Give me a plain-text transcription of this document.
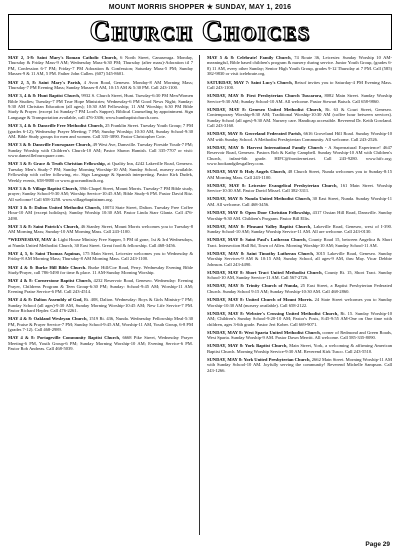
MOUNT MORRIS SHOPPER ★ SUNDAY, MAY 1, 2016
Church Choices

MAY 2, 3-8: Saint Mary's Roman Catholic Church, 6 North Street, Canaseraga. Monday, Thursday & Friday Mass-9 AM; Wednesday Mass-6:30 PM; Thursday (after mass)-Adoration til 7 PM, Confession 6-7 PM; Friday-7 PM Adoration & Confession; Saturday Mass-5 PM; Sunday Masses-9 & 11 AM, 5 PM. Father John Cullen. (607) 545-8601.

MAY 2, 5, 8: Saint Mary's Parish, 4 Avon Road, Geneseo. Monday-8 AM Morning Mass; Thursday-7 PM Evening Mass; Sunday Masses-8 AM, 10:15 AM & 5:30 PM. Call 243-1100.

MAY 3, 4 & 8: Hunt Baptist Church, 9932 S. Church Street, Hunt. Tuesday-6:30 PM Men/Women Bible Studies; Tuesday-7 PM True Hope Ministries; Wednesday-6 PM Good News Night; Sunday: 9:30 AM Christian Education (all ages); 10:30 AM Fellowship; 11 AM Worship; 6:30 PM Bible Study & Prayer. (except 1st Sunday-7 PM Lord's Supper). Biblical Counseling by appointment. Sign Language & Transportation available, call 476-3306; www.huntbaptistchurch.com.

MAY 3, 4 & 8: Dansville Free Methodist Church, 25 Franklin Street. Tuesday Youth Group; 7 PM (grades 6-12); Wednesday Prayer Meeting; 7 PM; Sunday Worship; 10:30 AM, Sunday School-9:30 AM. Bible Study groups for men and women. Call 335-3890. Pastor Christopher Cote.

MAY 3 & 8: Dansville Foursquare Church, 49 West Ave, Dansville. Tuesday Fireside Youth-7 PM; Sunday Worship with Children's Church-10 AM; Pastor Shawn Hamish. Call 335-7707 or visit: www.dansvillefoursquare.com.

MAY 3 & 8: Grace & Truth Christian Fellowship, at Quality Inn, 4242 Lakeville Road, Geneseo. Tuesday Men's Study-7 PM; Sunday Morning Worship-10 AM; Sunday School, nursery available. Fellowship with coffee following, etc. Sign Language & Spanish interpreting. Pastor Kirk Dudek, Weekly events, 658-9880 or www.graceandtruth.org.

MAY 3 & 8: Village Baptist Church, 39th Chapel Street, Mount Morris. Tuesday-7 PM Bible study, prayer; Sunday School-9:30 AM; Worship Service-10:45 AM; Bible Study-6 PM. Pastor David Ritz. All welcome! Call 658-3258. www.villagebaptistmm.org.

MAY 3 & 8: Dalton United Methodist Church, 10074 State Street, Dalton. Tuesday Free Coffee Hour-10 AM (except holidays); Sunday Worship 10:30 AM. Pastor Linda Starr Glantz. Call 476-2490.

MAY 3 & 8: Saint Patrick's Church, 46 Stanley Street, Mount Morris welcomes you to Tuesday-8 AM Morning Mass; Sunday-10 AM Morning Mass. Call 243-1100.

*WEDNESDAY, MAY 4: Light House Ministry Free Supper, 5 PM til gone, 1st & 3rd Wednesdays, at Nunda United Methodist Church, 30 East Street. Great food & fellowship. Call 468-3456.

MAY 4, 5, 6: Saint Thomas Aquinas, 175 Main Street, Leicester welcomes you to Wednesday & Friday-8 AM Morning Mass; Thursday-8 AM Morning Mass. Call 243-1100.

MAY 4 & 8: Burke Hill Bible Church. Burke Hill/Coe Road, Perry. Wednesday Evening Bible Study/Prayer, call 786-5490 for time & place. 11 AM-Sunday Morning Worship.

MAY 4 & 8: Cornerstone Baptist Church, 4232 Reservoir Road, Geneseo. Wednesday: Evening Prayer, Childrens Program & Teen Group-6:30 PM; Sunday: School-9:45 AM; Worship-11 AM; Evening Praise Service-6 PM. Call 243-4514.

MAY 4 & 8: Dalton Assembly of God, Rt. 408, Dalton. Wednesday: Boys & Girls Ministry-7 PM; Sunday School (all ages)-9:30 AM, Sunday Morning Worship-10:45 AM; New Life Service-7 PM. Pastor Richard Hepler. Call 476-2261.

MAY 4 & 8: Oakland Wesleyan Church, 1519 Rt. 436, Nunda. Wednesday Fellowship Meal-5:30 PM, Praise & Prayer Service-7 PM; Sunday School-9:45 AM, Worship-11 AM, Youth Group, 6-8 PM (grades 7-12). Call 468-2989.

MAY 4 & 8: Portageville Community Baptist Church, 6668 Pike Street, Wednesday Prayer Meeting-6 PM, Youth Group-6 PM; Sunday Morning Worship-10 AM; Evening Service-6 PM. Pastor Rob Andreas. Call 468-5039.

MAY 5 & 8: Celebrate! Family Church, 74 Route 36, Leicester. Sunday Worship 10 AM-meaningful, Bible based children's program & nursery during service. Junior Youth Group, (grades 6-8) 11 AM, every other Sunday; Senior High Youth Group, grades 9-12 Thursday at 7 PM. Call (585) 382-9830 or visit icelebrate.org.

SATURDAY, MAY 7: Saint Lucy's Church, Retsof invites you to Saturday-4 PM Evening Mass. Call 243-1100.

SUNDAY, MAY 8: First Presbyterian Church Tuscarora, 8082 Main Street. Sunday Worship Service-9:30 AM; Sunday School-10 AM. All welcome. Pastor Stewart Baisch. Call 658-9860.

SUNDAY, MAY 8: Geneseo United Methodist Church, Rt. 63 & Court Street, Geneseo. Contemporary Worship-8:30 AM; Traditional Worship-10:30 AM (coffee hour between services). Sunday School (all ages)-9:30 AM. Nursery care. Handicap accessible. Reverend Dr. Keith Gowland. Call 243-3160.

SUNDAY, MAY 8: Groveland Federated Parish, 6616 Groveland Hill Road. Sunday Worship-10 AM with Sunday School. A Methodist Presbyterian Community. All welcome. Call 243-2526.

SUNDAY, MAY 8: Harvest International Family Church - A Supernatural Experience! 4647 Reservoir Road, Geneseo. Pastors Bob & Kathy Campbell. Sunday Worship-10 AM with Children's Church, infant-6th grade. HIFC@frontiernet.net. Call 243-9280. www.hifc.org; www.bookandgilesgallery.com.

SUNDAY, MAY 8: Holy Angels Church, 48 Church Street, Nunda welcomes you to Sunday-8:15 AM Morning Mass. Call 243-1100.

SUNDAY, MAY 8: Leicester Evangelical Presbyterian Church, 161 Main Street. Worship Service-10:30 AM. Pastor David Missel. Call 382-3311.

SUNDAY, MAY 8: Nunda United Methodist Church, 30 East Street, Nunda. Sunday Worship-11 AM. All welcome. Call 468-3456.

SUNDAY, MAY 8: Open Door Christian Fellowship, 4317 Ossian Hill Road, Dansville. Sunday Worship-9:30 AM. Children's Program. Pastor Bill Ellis.

SUNDAY, MAY 8: Pleasant Valley Baptist Church, Lakeville Road, Geneseo, west of I-390. Sunday School-10 AM; Sunday Worship Service-11 AM. All are welcome. Call 243-0130.

SUNDAY, MAY 8: Saint Paul's Lutheran Church, County Road 15, between Angelica & Short Tract. Intersection Hall Rd, Town of Allen. Morning Worship-10 AM; Sunday School-11 AM.

SUNDAY, MAY 8: Saint Timothy Lutheran Church, 3015 Lakeville Road, Geneseo. Sunday Worship Services-9 AM & 10:15 AM; Sunday School, all ages-9 AM, thru May. Vicar Debbie Johnson. Call 243-4490.

SUNDAY, MAY 8: Short Tract United Methodist Church, County Rt. 15, Short Tract. Sunday School-10 AM, Sunday Service-11 AM. Call 567-2726.

SUNDAY, MAY 8: Trinity Church of Nunda, 25 East Street, a Baptist Presbyterian Federated Church. Sunday School 9:15 AM; Sunday Worship-10:30 AM. Call 468-2860.

SUNDAY, MAY 8: United Church of Mount Morris. 24 State Street welcomes you to Sunday Worship-10:30 AM (nursery available). Call 658-2122.

SUNDAY, MAY 8: Webster's Crossing United Methodist Church, Rt. 15. Sunday Worship-10 AM; Children's Sunday School-9:20-10 AM; Pastor's Posts, 8:45-9:55 AM-One on One time with children, ages 3-6th grade. Pastor Jeri Kober. Call 669-9071.

SUNDAY, MAY 8: West Sparta United Methodist Church, corner of Redmond and Green Roads, West Sparta. Sunday Worship-9 AM. Pastor Dawn Merritt. All welcome. Call 585-335-8090.

SUNDAY, MAY 8: York Baptist Church, Main Street, York, a welcoming & affirming American Baptist Church. Morning Worship Service-9:30 AM. Reverend Kirk Tusco. Call 243-5510.

SUNDAY, MAY 8: York United Presbyterian Church, 2662 Main Street. Morning Worship-11 AM with Sunday School-10 AM. Joyfully serving the community! Reverend Michelle Sampson. Call 243-1266.

Page 29
